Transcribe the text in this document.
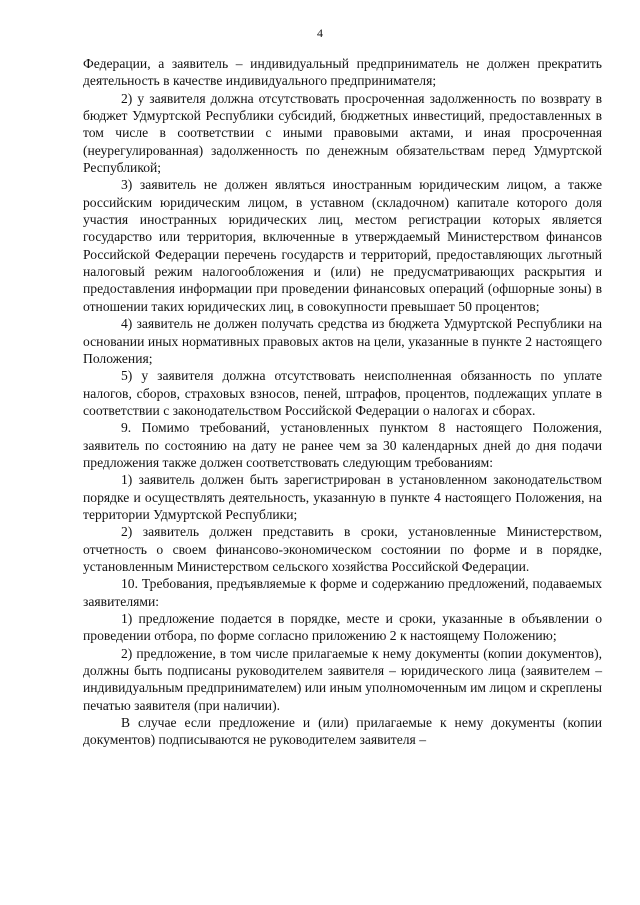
4

Федерации, а заявитель – индивидуальный предприниматель не должен прекратить деятельность в качестве индивидуального предпринимателя;

2) у заявителя должна отсутствовать просроченная задолженность по возврату в бюджет Удмуртской Республики субсидий, бюджетных инвестиций, предоставленных в том числе в соответствии с иными правовыми актами, и иная просроченная (неурегулированная) задолженность по денежным обязательствам перед Удмуртской Республикой;

3) заявитель не должен являться иностранным юридическим лицом, а также российским юридическим лицом, в уставном (складочном) капитале которого доля участия иностранных юридических лиц, местом регистрации которых является государство или территория, включенные в утверждаемый Министерством финансов Российской Федерации перечень государств и территорий, предоставляющих льготный налоговый режим налогообложения и (или) не предусматривающих раскрытия и предоставления информации при проведении финансовых операций (офшорные зоны) в отношении таких юридических лиц, в совокупности превышает 50 процентов;

4) заявитель не должен получать средства из бюджета Удмуртской Республики на основании иных нормативных правовых актов на цели, указанные в пункте 2 настоящего Положения;

5) у заявителя должна отсутствовать неисполненная обязанность по уплате налогов, сборов, страховых взносов, пеней, штрафов, процентов, подлежащих уплате в соответствии с законодательством Российской Федерации о налогах и сборах.

9. Помимо требований, установленных пунктом 8 настоящего Положения, заявитель по состоянию на дату не ранее чем за 30 календарных дней до дня подачи предложения также должен соответствовать следующим требованиям:

1) заявитель должен быть зарегистрирован в установленном законодательством порядке и осуществлять деятельность, указанную в пункте 4 настоящего Положения, на территории Удмуртской Республики;

2) заявитель должен представить в сроки, установленные Министерством, отчетность о своем финансово-экономическом состоянии по форме и в порядке, установленным Министерством сельского хозяйства Российской Федерации.

10. Требования, предъявляемые к форме и содержанию предложений, подаваемых заявителями:

1) предложение подается в порядке, месте и сроки, указанные в объявлении о проведении отбора, по форме согласно приложению 2 к настоящему Положению;

2) предложение, в том числе прилагаемые к нему документы (копии документов), должны быть подписаны руководителем заявителя – юридического лица (заявителем – индивидуальным предпринимателем) или иным уполномоченным им лицом и скреплены печатью заявителя (при наличии).

В случае если предложение и (или) прилагаемые к нему документы (копии документов) подписываются не руководителем заявителя –
